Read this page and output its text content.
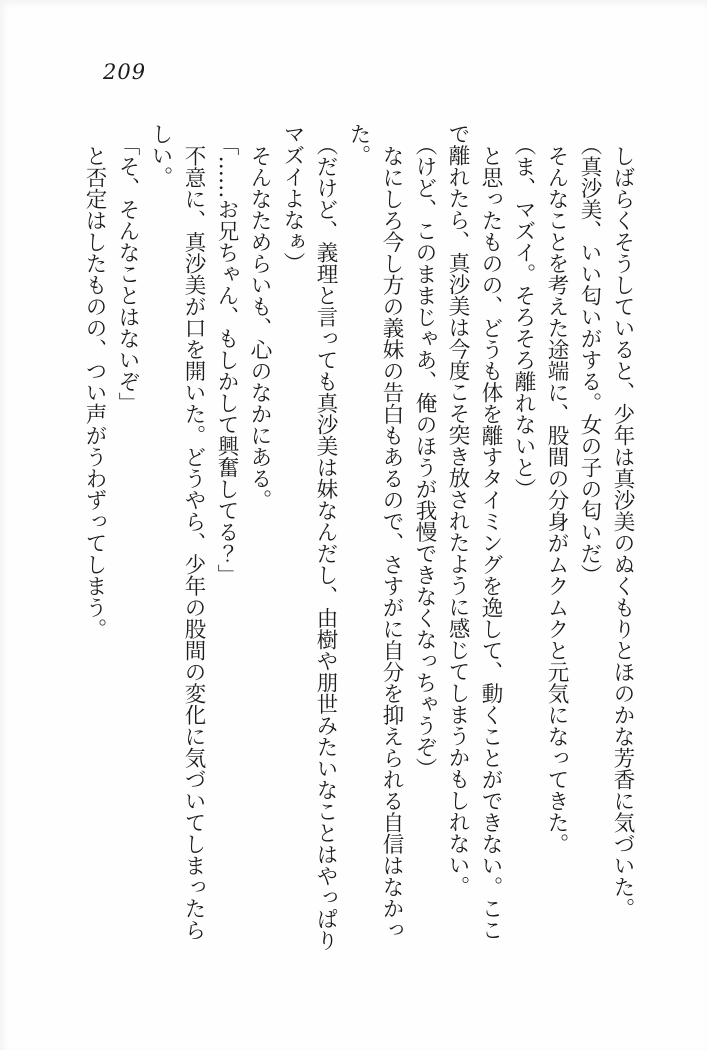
209

しばらくそうしていると、少年は真沙美のぬくもりとほのかな芳香に気づいた。

（真沙美、いい匂いがする。女の子の匂いだ）

そんなことを考えた途端に、股間の分身がムクムクと元気になってきた。

（ま、マズイ。そろそろ離れないと）

と思ったものの、どうも体を離すタイミングを逸して、動くことができない。ここで離れたら、真沙美は今度こそ突き放されたように感じてしまうかもしれない。

（けど、このままじゃあ、俺のほうが我慢できなくなっちゃうぞ）

なにしろ今し方の義妹の告白もあるので、さすがに自分を抑えられる自信はなかった。

（だけど、義理と言っても真沙美は妹なんだし、由樹や朋世みたいなことはやっぱりマズイよなぁ）

そんなためらいも、心のなかにある。

「……お兄ちゃん、もしかして興奮してる？」

不意に、真沙美が口を開いた。どうやら、少年の股間の変化に気づいてしまったらしい。

「そ、そんなことはないぞ」

と否定はしたものの、つい声がうわずってしまう。
